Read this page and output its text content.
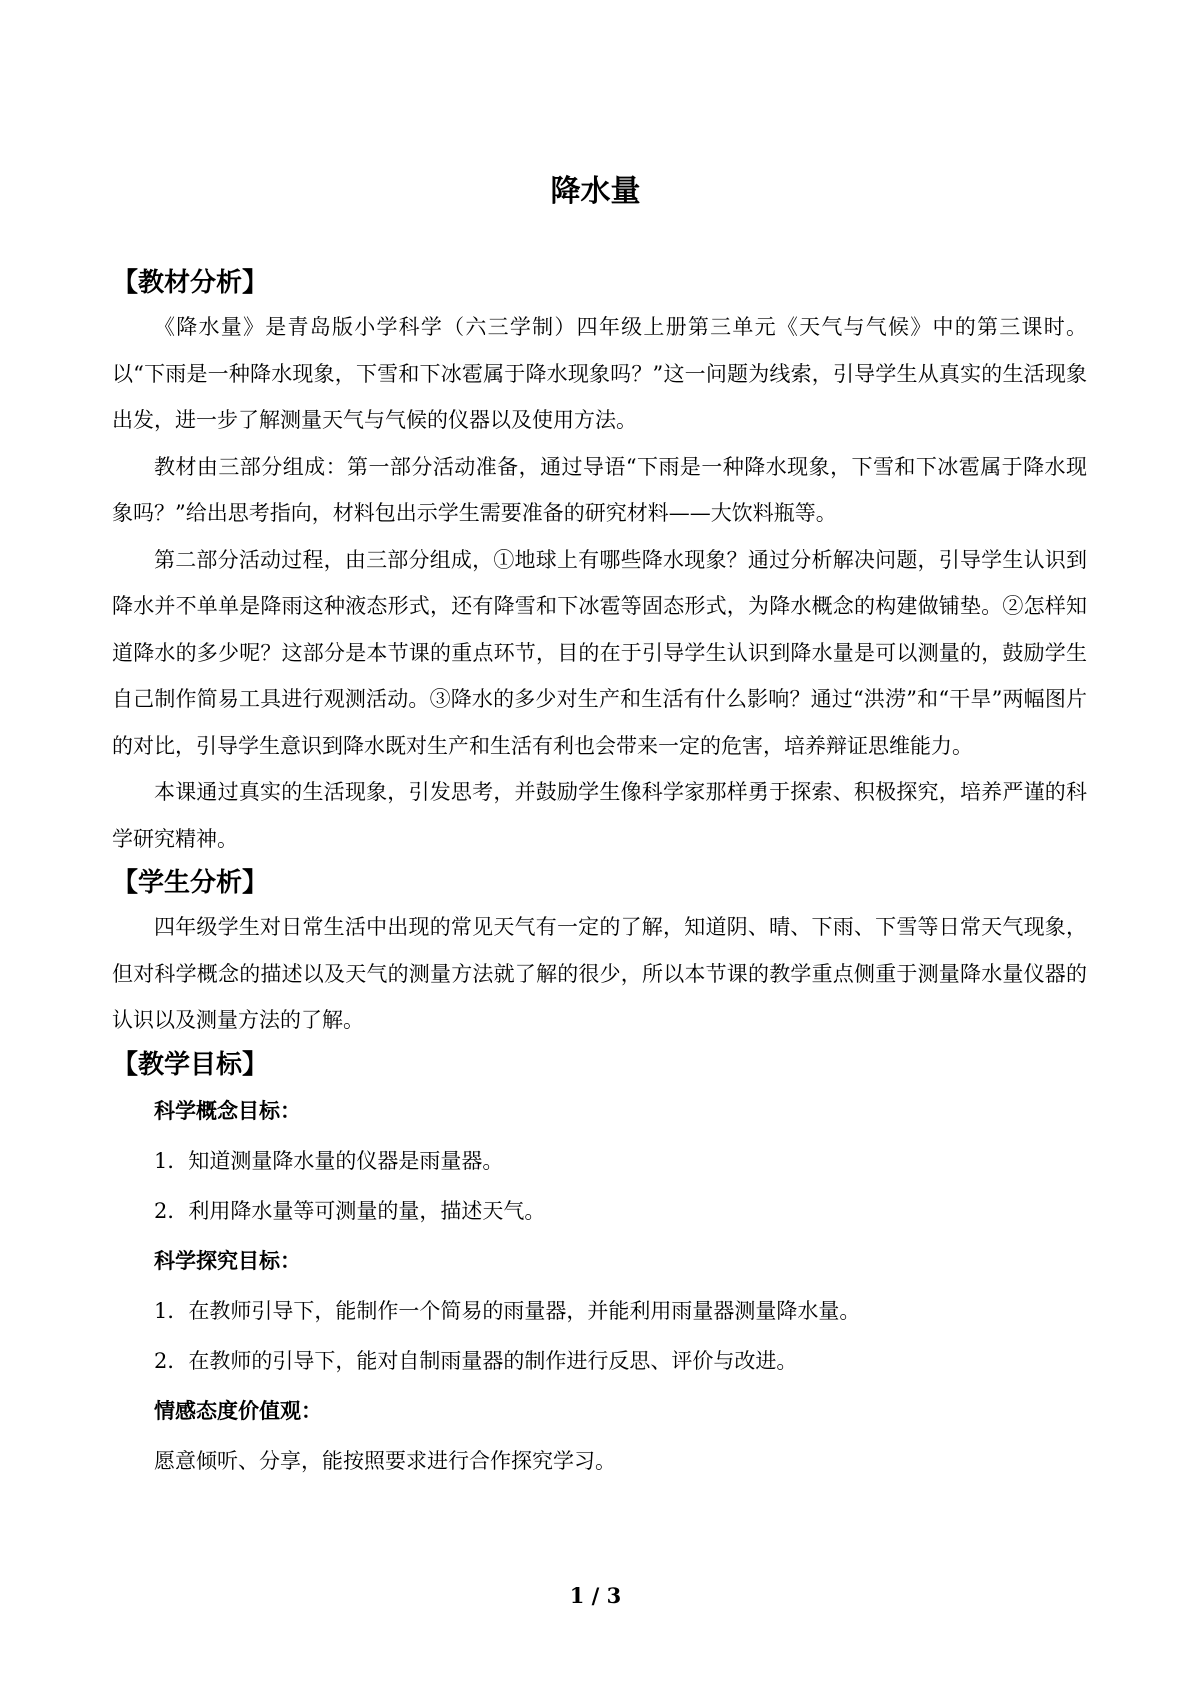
降水量

【教材分析】

《降水量》是青岛版小学科学（六三学制）四年级上册第三单元《天气与气候》中的第三课时。以“下雨是一种降水现象，下雪和下冰雹属于降水现象吗？”这一问题为线索，引导学生从真实的生活现象出发，进一步了解测量天气与气候的仪器以及使用方法。

教材由三部分组成：第一部分活动准备，通过导语“下雨是一种降水现象，下雪和下冰雹属于降水现象吗？”给出思考指向，材料包出示学生需要准备的研究材料——大饮料瓶等。

第二部分活动过程，由三部分组成，①地球上有哪些降水现象？通过分析解决问题，引导学生认识到降水并不单单是降雨这种液态形式，还有降雪和下冰雹等固态形式，为降水概念的构建做铺垫。②怎样知道降水的多少呢？这部分是本节课的重点环节，目的在于引导学生认识到降水量是可以测量的，鼓励学生自己制作简易工具进行观测活动。③降水的多少对生产和生活有什么影响？通过“洪涝”和“干旱”两幅图片的对比，引导学生意识到降水既对生产和生活有利也会带来一定的危害，培养辩证思维能力。

本课通过真实的生活现象，引发思考，并鼓励学生像科学家那样勇于探索、积极探究，培养严谨的科学研究精神。

【学生分析】

四年级学生对日常生活中出现的常见天气有一定的了解，知道阴、晴、下雨、下雪等日常天气现象，但对科学概念的描述以及天气的测量方法就了解的很少，所以本节课的教学重点侧重于测量降水量仪器的认识以及测量方法的了解。

【教学目标】

科学概念目标：

1．知道测量降水量的仪器是雨量器。

2．利用降水量等可测量的量，描述天气。

科学探究目标：

1．在教师引导下，能制作一个简易的雨量器，并能利用雨量器测量降水量。

2．在教师的引导下，能对自制雨量器的制作进行反思、评价与改进。

情感态度价值观：

愿意倾听、分享，能按照要求进行合作探究学习。

1 / 3
